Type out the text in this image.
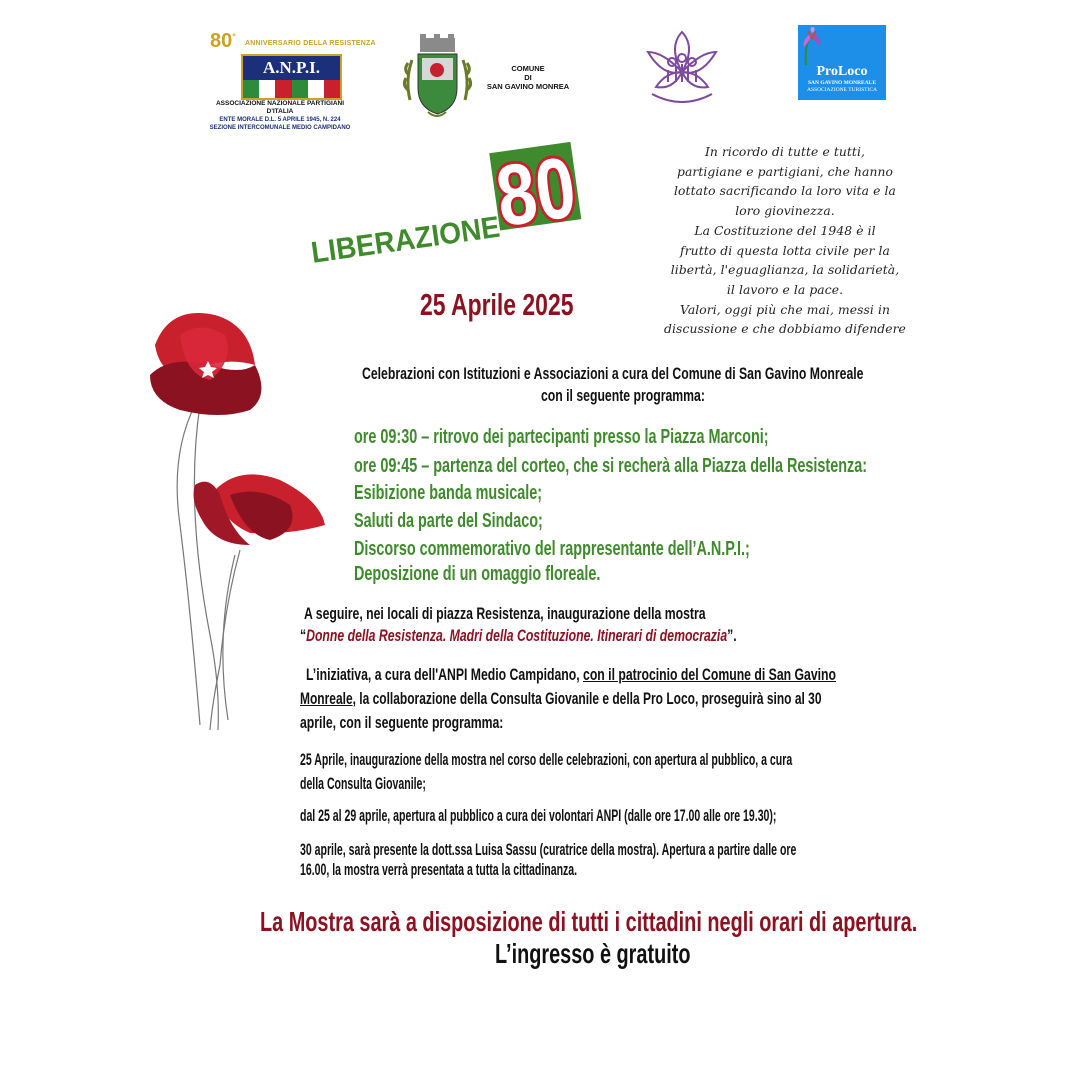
80°
ANNIVERSARIO DELLA RESISTENZA
A.N.P.I.
ASSOCIAZIONE NAZIONALE PARTIGIANI D'ITALIA
ENTE MORALE D.L. 5 APRILE 1945, N. 224
SEZIONE INTERCOMUNALE MEDIO CAMPIDANO
COMUNE
DI
SAN GAVINO MONREA
ProLoco
SAN GAVINO MONREALE
ASSOCIAZIONE TURISTICA
LIBERAZIONE
80	In ricordo di tutte e tutti,
partigiane e partigiani, che hanno
lottato sacrificando la loro vita e la
loro giovinezza.
La Costituzione del 1948 è il
frutto di questa lotta civile per la
libertà, l'eguaglianza, la solidarietà,
il lavoro e la pace.
Valori, oggi più che mai, messi in
discussione e che dobbiamo difendere
25 Aprile 2025
Celebrazioni con Istituzioni e Associazioni a cura del Comune di San Gavino Monreale
con il seguente programma:
ore 09:30 – ritrovo dei partecipanti presso la Piazza Marconi;
ore 09:45 – partenza del corteo, che si recherà alla Piazza della Resistenza:
Esibizione banda musicale;
Saluti da parte del Sindaco;
Discorso commemorativo del rappresentante dell’A.N.P.I.;
Deposizione di un omaggio floreale.
A seguire, nei locali di piazza Resistenza, inaugurazione della mostra
“Donne della Resistenza. Madri della Costituzione. Itinerari di democrazia”.
L’iniziativa, a cura dell'ANPI Medio Campidano, con il patrocinio del Comune di San Gavino
Monreale, la collaborazione della Consulta Giovanile e della Pro Loco, proseguirà sino al 30
aprile, con il seguente programma:
25 Aprile, inaugurazione della mostra nel corso delle celebrazioni, con apertura al pubblico, a cura
della Consulta Giovanile;
dal 25 al 29 aprile, apertura al pubblico a cura dei volontari ANPI (dalle ore 17.00 alle ore 19.30);
30 aprile, sarà presente la dott.ssa Luisa Sassu (curatrice della mostra). Apertura a partire dalle ore
16.00, la mostra verrà presentata a tutta la cittadinanza.
La Mostra sarà a disposizione di tutti i cittadini negli orari di apertura.
L’ingresso è gratuito
